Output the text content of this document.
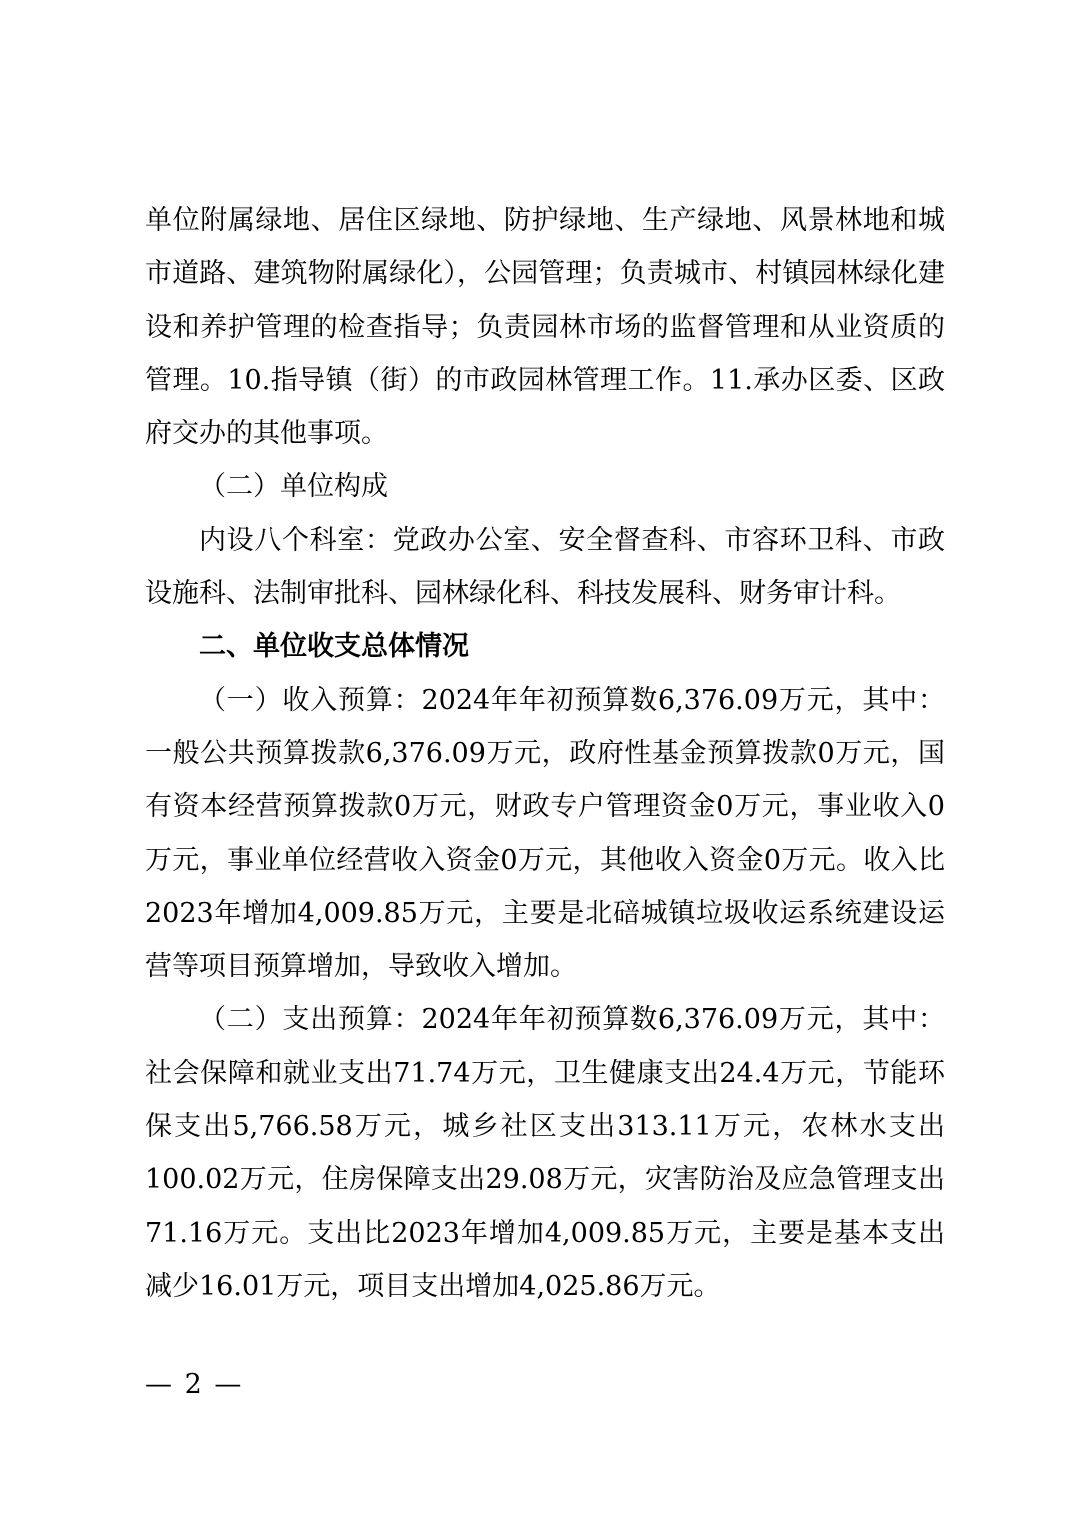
单位附属绿地、居住区绿地、防护绿地、生产绿地、风景林地和城市道路、建筑物附属绿化），公园管理；负责城市、村镇园林绿化建设和养护管理的检查指导；负责园林市场的监督管理和从业资质的管理。10.指导镇（街）的市政园林管理工作。11.承办区委、区政府交办的其他事项。

（二）单位构成

内设八个科室：党政办公室、安全督查科、市容环卫科、市政设施科、法制审批科、园林绿化科、科技发展科、财务审计科。

二、单位收支总体情况

（一）收入预算：2024年年初预算数6,376.09万元，其中：一般公共预算拨款6,376.09万元，政府性基金预算拨款0万元，国有资本经营预算拨款0万元，财政专户管理资金0万元，事业收入0万元，事业单位经营收入资金0万元，其他收入资金0万元。收入比2023年增加4,009.85万元，主要是北碚城镇垃圾收运系统建设运营等项目预算增加，导致收入增加。

（二）支出预算：2024年年初预算数6,376.09万元，其中：社会保障和就业支出71.74万元，卫生健康支出24.4万元，节能环保支出5,766.58万元，城乡社区支出313.11万元，农林水支出100.02万元，住房保障支出29.08万元，灾害防治及应急管理支出71.16万元。支出比2023年增加4,009.85万元，主要是基本支出减少16.01万元，项目支出增加4,025.86万元。

— 2 —
